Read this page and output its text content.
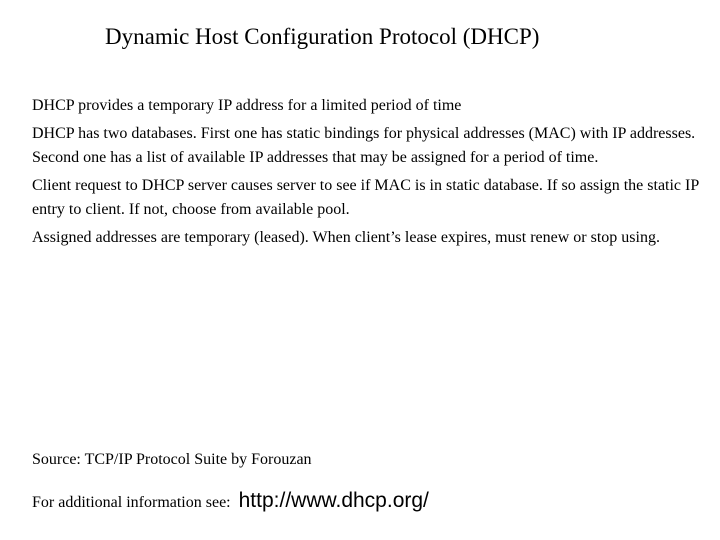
Dynamic Host Configuration Protocol (DHCP)

DHCP provides a temporary IP address for a limited period of time

DHCP has two databases. First one has static bindings for physical addresses (MAC) with IP addresses. Second one has a list of available IP addresses that may be assigned for a period of time.

Client request to DHCP server causes server to see if MAC is in static database. If so assign the static IP entry to client. If not, choose from available pool.

Assigned addresses are temporary (leased). When client’s lease expires, must renew or stop using.

Source: TCP/IP Protocol Suite by Forouzan
For additional information see: http://www.dhcp.org/
